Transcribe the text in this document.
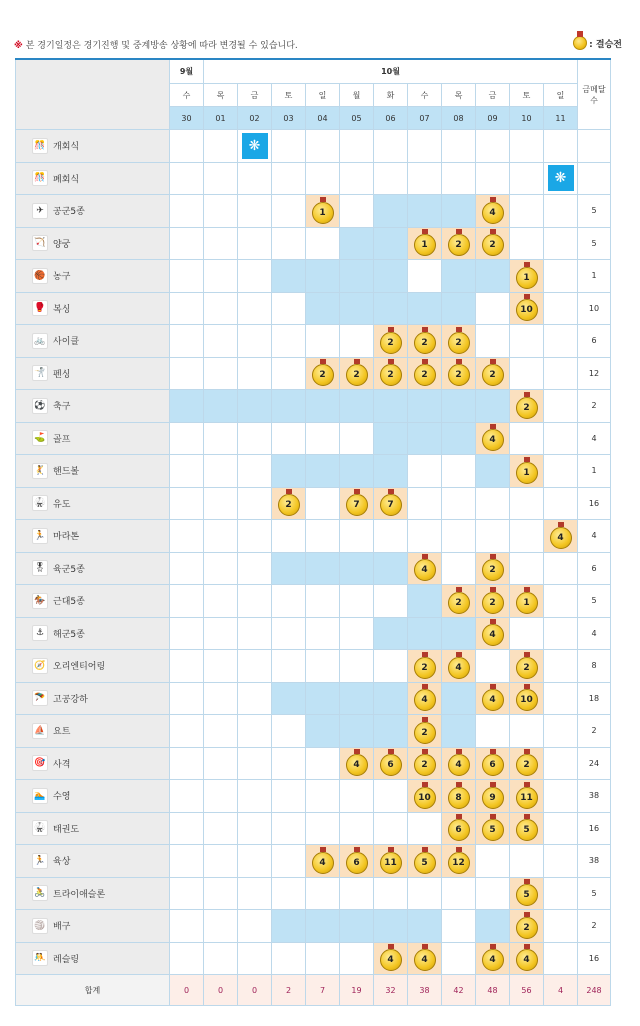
※ 본 경기일정은 경기진행 및 중계방송 상황에 따라 변경될 수 있습니다.	: 결승전
	9월	10월											금메달 수
	수	목	금	토	일	월	화	수	목	금	토	일	
	30	01	02	03	04	05	06	07	08	09	10	11	

🎊 개회식			❋										

🎊 폐회식												❋	

✈ 공군5종					1					4			5

🏹 양궁								1	2	2			5

🏀 농구											1		1

🥊 복싱											10		10

🚲 사이클							2	2	2				6

🤺 펜싱					2	2	2	2	2	2			12

⚽ 축구											2		2

⛳ 골프										4			4

🤾 핸드볼											1		1

🥋 유도				2		7	7						16

🏃 마라톤												4	4

🎖 육군5종								4		2			6

🏇 근대5종									2	2	1		5

⚓ 해군5종										4			4

🧭 오리엔티어링								2	4		2		8

🪂 고공강하								4		4	10		18

⛵ 요트								2					2

🎯 사격						4	6	2	4	6	2		24

🏊 수영								10	8	9	11		38

🥋 태권도									6	5	5		16

🏃 육상					4	6	11	5	12				38

🚴 트라이애슬론											5		5

🏐 배구											2		2

🤼 레슬링							4	4		4	4		16
합계	0	0	0	2	7	19	32	38	42	48	56	4	248
